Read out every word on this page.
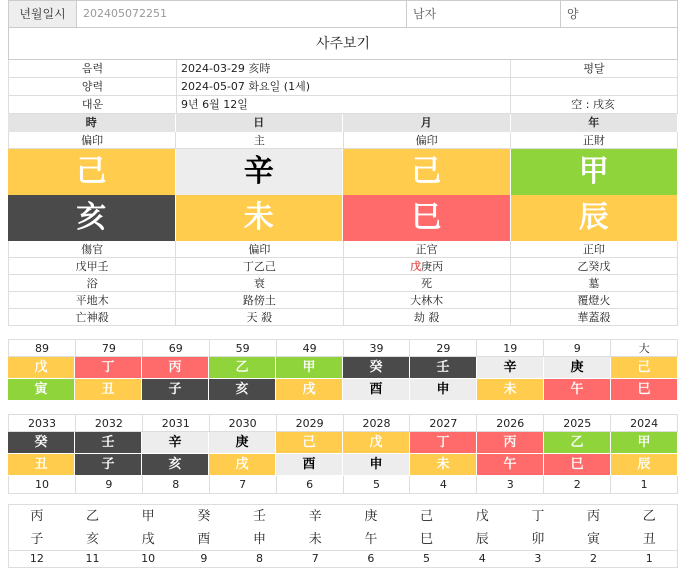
년월일시	202405072251	남자	양
사주보기
음력	2024-03-29 亥時	평달
양력	2024-05-07 화요일 (1세)
대운	9년 6월 12일	空 : 戌亥
時	日	月	年
偏印	主	偏印	正財
己	辛	己	甲
亥	未	巳	辰
傷官	偏印	正官	正印
戊甲壬	丁乙己	戊庚丙	乙癸戊
浴	衰	死	墓
平地木	路傍土	大林木	覆燈火
亡神殺	天 殺	劫 殺	華蓋殺
89	79	69	59	49	39	29	19	9	大
戊	丁	丙	乙	甲	癸	壬	辛	庚	己
寅	丑	子	亥	戌	酉	申	未	午	巳
2033	2032	2031	2030	2029	2028	2027	2026	2025	2024
癸	壬	辛	庚	己	戊	丁	丙	乙	甲
丑	子	亥	戌	酉	申	未	午	巳	辰
10	9	8	7	6	5	4	3	2	1
丙	乙	甲	癸	壬	辛	庚	己	戊	丁	丙	乙
子	亥	戌	酉	申	未	午	巳	辰	卯	寅	丑
12	11	10	9	8	7	6	5	4	3	2	1
